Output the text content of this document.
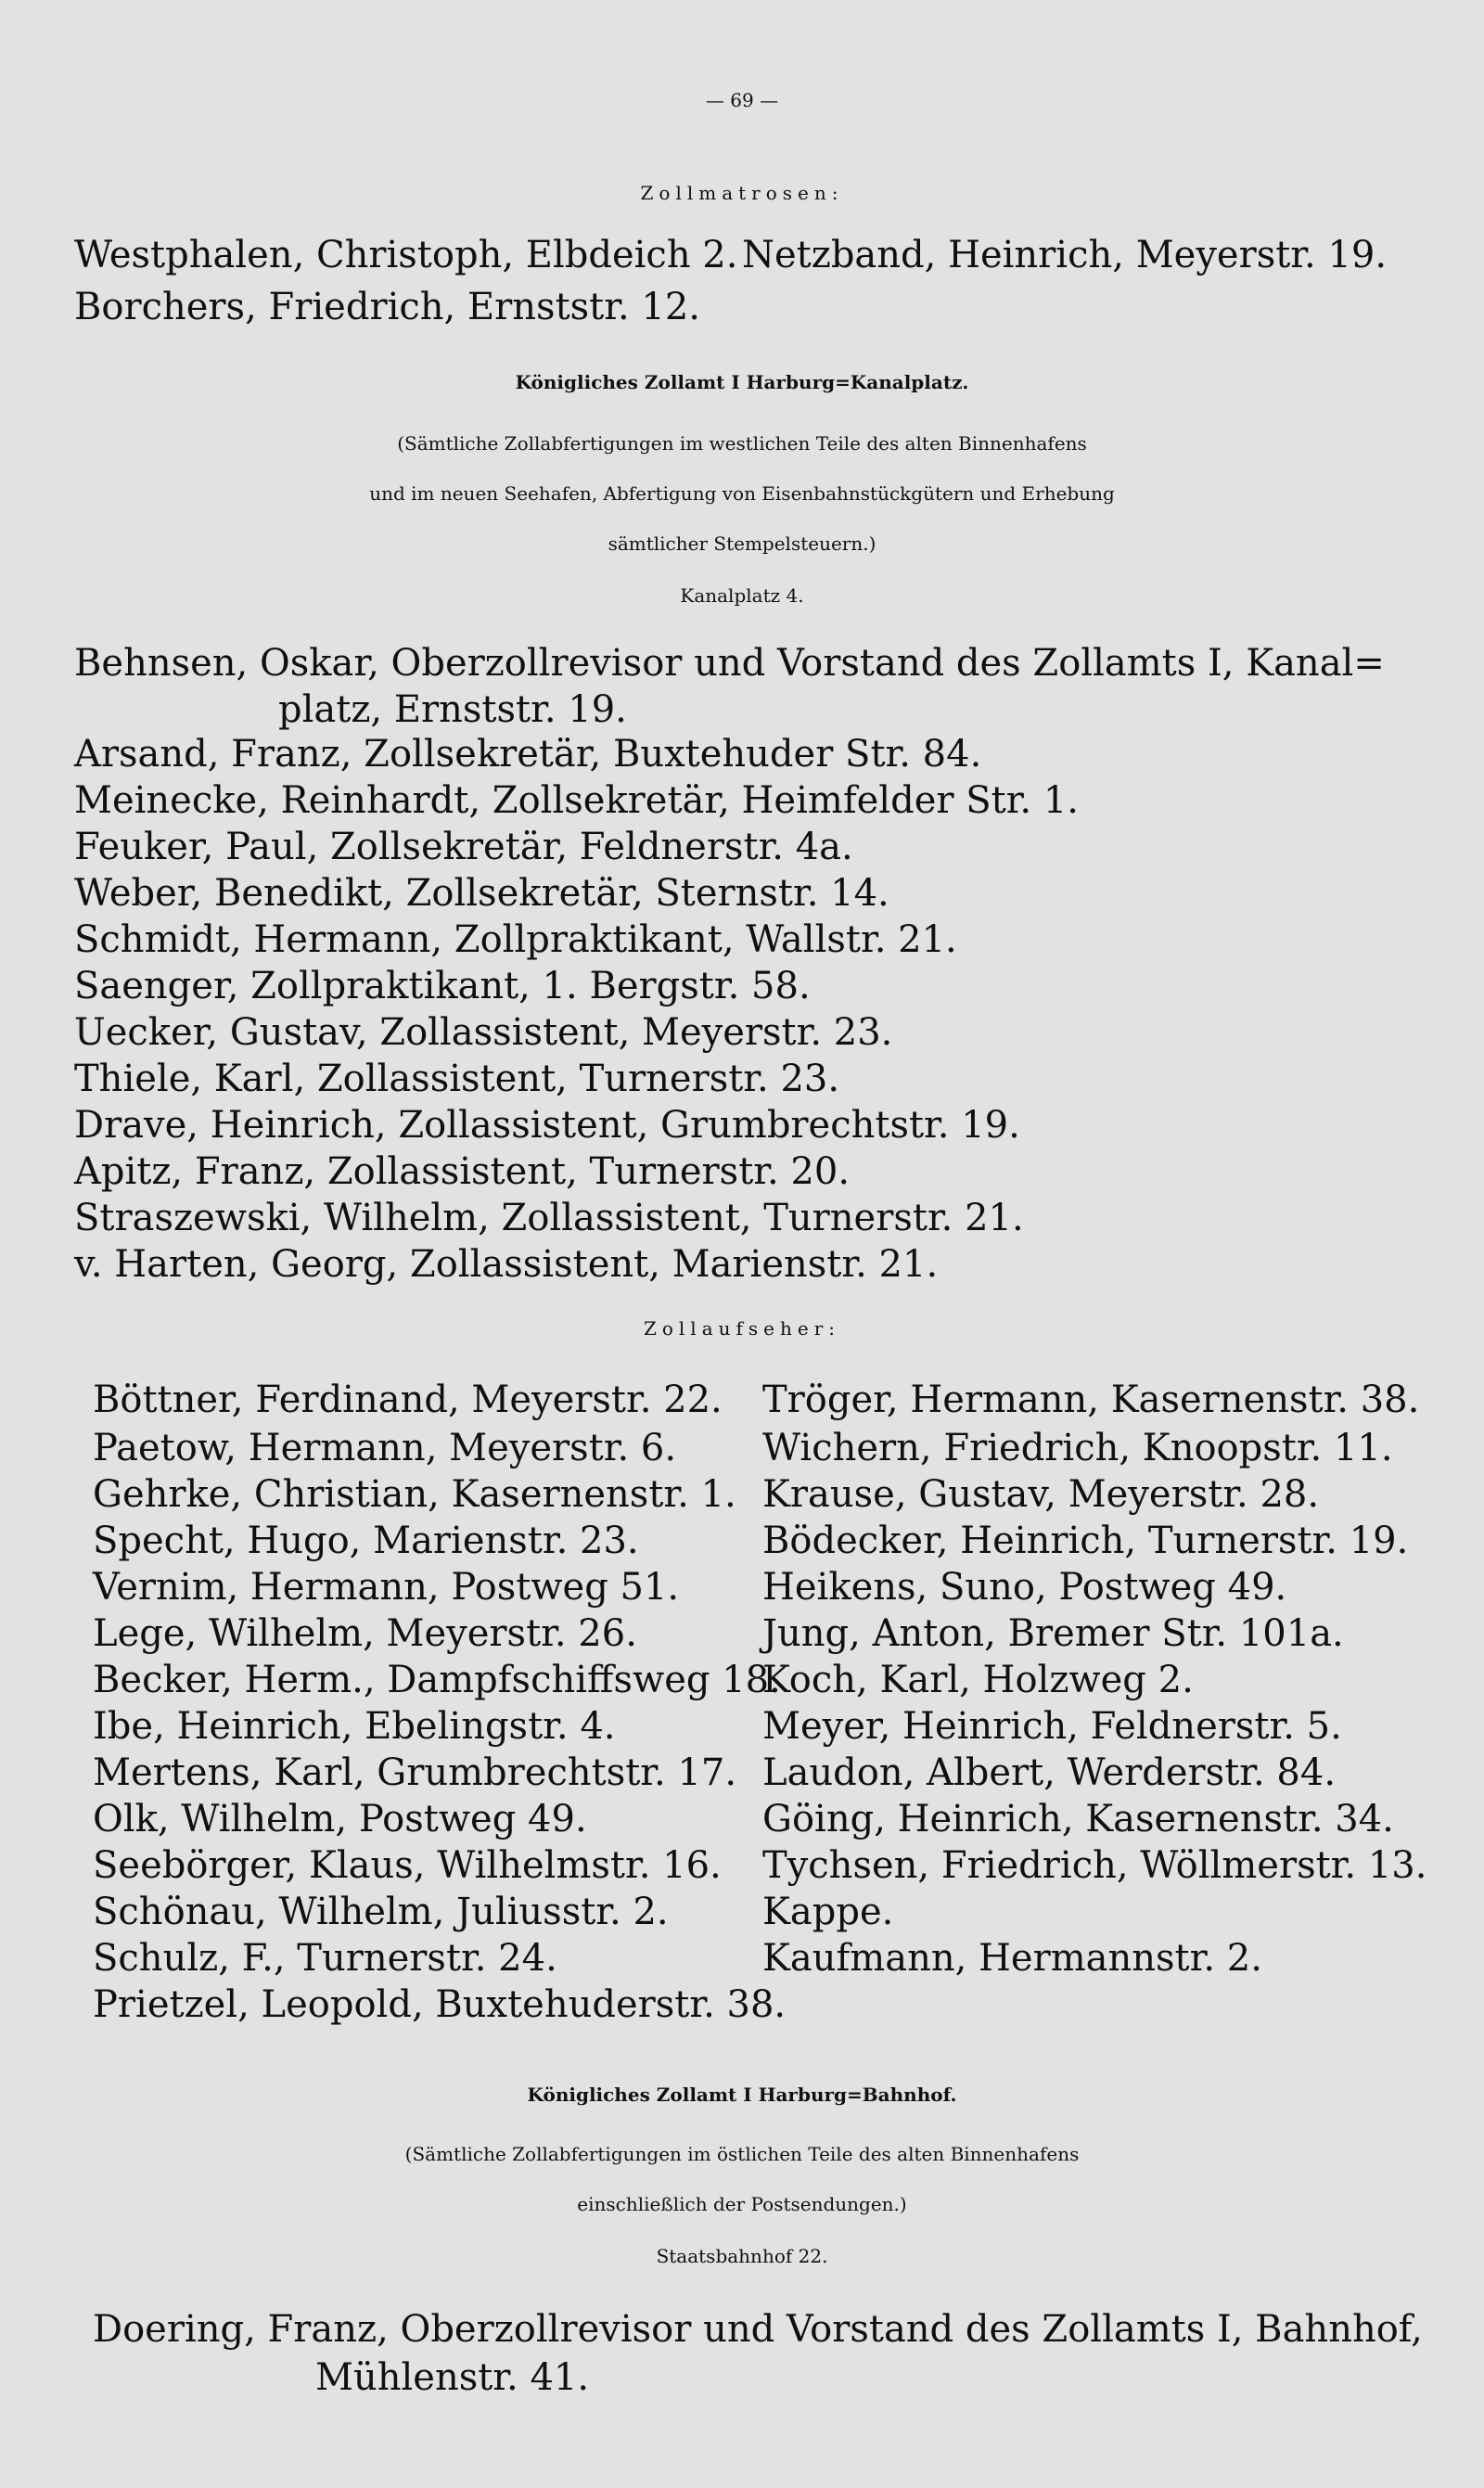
— 69 —

Zollmatrosen:

Westphalen, Christoph, Elbdeich 2. Netzband, Heinrich, Meyerstr. 19.

Borchers, Friedrich, Ernststr. 12.

Königliches Zollamt I Harburg=Kanalplatz.

(Sämtliche Zollabfertigungen im westlichen Teile des alten Binnenhafens

und im neuen Seehafen, Abfertigung von Eisenbahnstückgütern und Erhebung

sämtlicher Stempelsteuern.)

Kanalplatz 4.

Behnsen, Oskar, Oberzollrevisor und Vorstand des Zollamts I, Kanal=

platz, Ernststr. 19.

Arsand, Franz, Zollsekretär, Buxtehuder Str. 84.

Meinecke, Reinhardt, Zollsekretär, Heimfelder Str. 1.

Feuker, Paul, Zollsekretär, Feldnerstr. 4a.

Weber, Benedikt, Zollsekretär, Sternstr. 14.

Schmidt, Hermann, Zollpraktikant, Wallstr. 21.

Saenger, Zollpraktikant, 1. Bergstr. 58.

Uecker, Gustav, Zollassistent, Meyerstr. 23.

Thiele, Karl, Zollassistent, Turnerstr. 23.

Drave, Heinrich, Zollassistent, Grumbrechtstr. 19.

Apitz, Franz, Zollassistent, Turnerstr. 20.

Straszewski, Wilhelm, Zollassistent, Turnerstr. 21.

v. Harten, Georg, Zollassistent, Marienstr. 21.

Zollaufseher:

Böttner, Ferdinand, Meyerstr. 22.

Paetow, Hermann, Meyerstr. 6.

Gehrke, Christian, Kasernenstr. 1.

Specht, Hugo, Marienstr. 23.

Vernim, Hermann, Postweg 51.

Lege, Wilhelm, Meyerstr. 26.

Becker, Herm., Dampfschiffsweg 18.

Ibe, Heinrich, Ebelingstr. 4.

Mertens, Karl, Grumbrechtstr. 17.

Olk, Wilhelm, Postweg 49.

Seebörger, Klaus, Wilhelmstr. 16.

Schönau, Wilhelm, Juliusstr. 2.

Schulz, F., Turnerstr. 24.

Prietzel, Leopold, Buxtehuderstr. 38.

Tröger, Hermann, Kasernenstr. 38.

Wichern, Friedrich, Knoopstr. 11.

Krause, Gustav, Meyerstr. 28.

Bödecker, Heinrich, Turnerstr. 19.

Heikens, Suno, Postweg 49.

Jung, Anton, Bremer Str. 101a.

Koch, Karl, Holzweg 2.

Meyer, Heinrich, Feldnerstr. 5.

Laudon, Albert, Werderstr. 84.

Göing, Heinrich, Kasernenstr. 34.

Tychsen, Friedrich, Wöllmerstr. 13.

Kappe.

Kaufmann, Hermannstr. 2.

Königliches Zollamt I Harburg=Bahnhof.

(Sämtliche Zollabfertigungen im östlichen Teile des alten Binnenhafens

einschließlich der Postsendungen.)

Staatsbahnhof 22.

Doering, Franz, Oberzollrevisor und Vorstand des Zollamts I, Bahnhof,

Mühlenstr. 41.
